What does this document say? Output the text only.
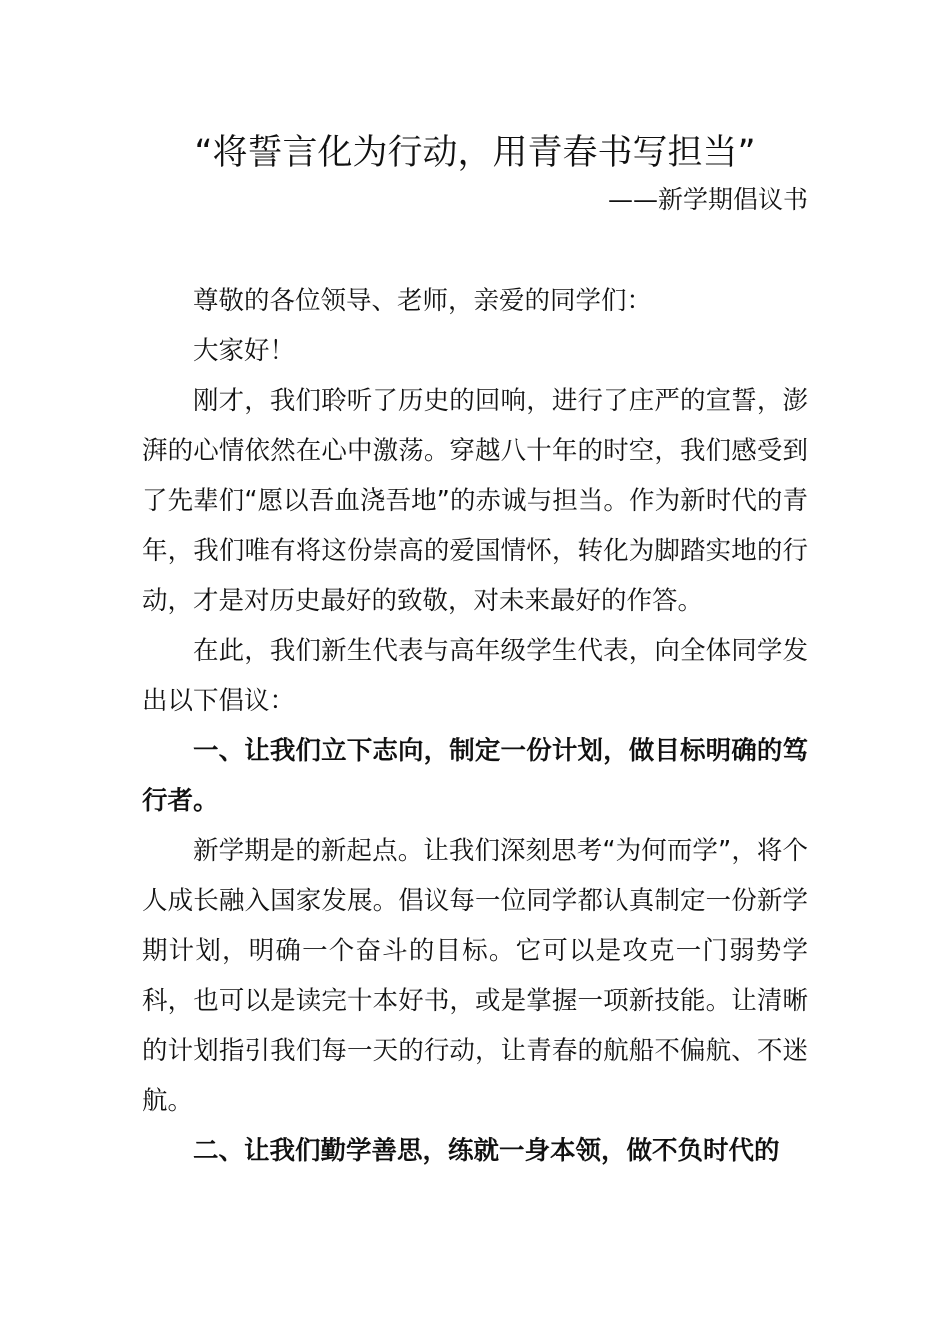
“将誓言化为行动，用青春书写担当”
——新学期倡议书

尊敬的各位领导、老师，亲爱的同学们：

大家好！

刚才，我们聆听了历史的回响，进行了庄严的宣誓，澎湃的心情依然在心中激荡。穿越八十年的时空，我们感受到了先辈们“愿以吾血浇吾地”的赤诚与担当。作为新时代的青年，我们唯有将这份崇高的爱国情怀，转化为脚踏实地的行动，才是对历史最好的致敬，对未来最好的作答。

在此，我们新生代表与高年级学生代表，向全体同学发出以下倡议：

一、让我们立下志向，制定一份计划，做目标明确的笃行者。

新学期是的新起点。让我们深刻思考“为何而学”，将个人成长融入国家发展。倡议每一位同学都认真制定一份新学期计划，明确一个奋斗的目标。它可以是攻克一门弱势学科，也可以是读完十本好书，或是掌握一项新技能。让清晰的计划指引我们每一天的行动，让青春的航船不偏航、不迷航。

二、让我们勤学善思，练就一身本领，做不负时代的
